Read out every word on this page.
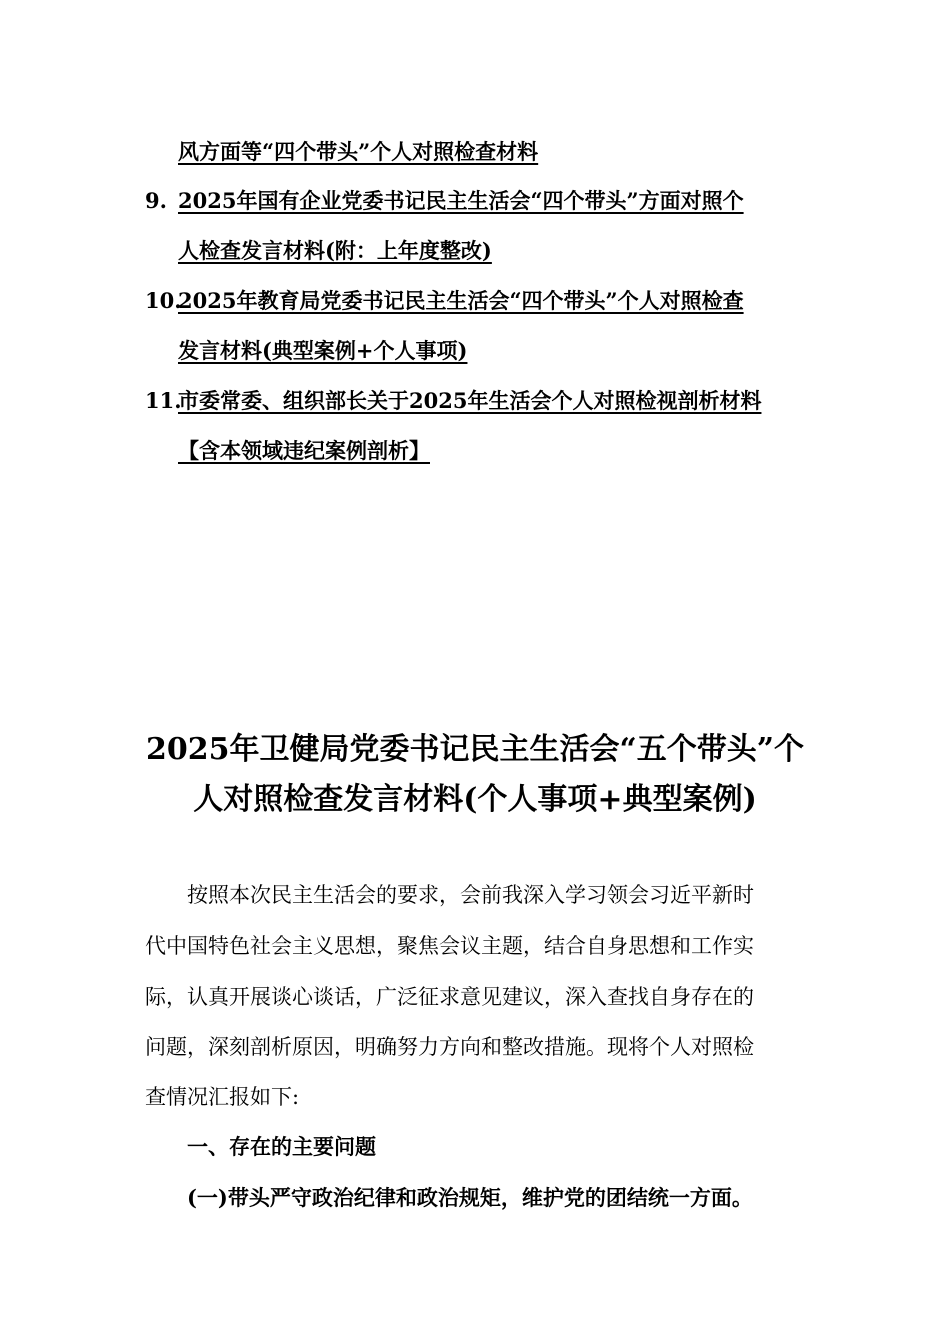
风方面等“四个带头”个人对照检查材料
9. 2025年国有企业党委书记民主生活会“四个带头”方面对照个
人检查发言材料(附：上年度整改)
10.
2025年教育局党委书记民主生活会“四个带头”个人对照检查
发言材料(典型案例+个人事项)
11.
市委常委、组织部长关于2025年生活会个人对照检视剖析材料
【含本领域违纪案例剖析】
2025年卫健局党委书记民主生活会“五个带头”个
人对照检查发言材料(个人事项+典型案例)
按照本次民主生活会的要求，会前我深入学习领会习近平新时
代中国特色社会主义思想，聚焦会议主题，结合自身思想和工作实
际，认真开展谈心谈话，广泛征求意见建议，深入查找自身存在的
问题，深刻剖析原因，明确努力方向和整改措施。现将个人对照检
查情况汇报如下:
一、存在的主要问题
(一)带头严守政治纪律和政治规矩，维护党的团结统一方面。
